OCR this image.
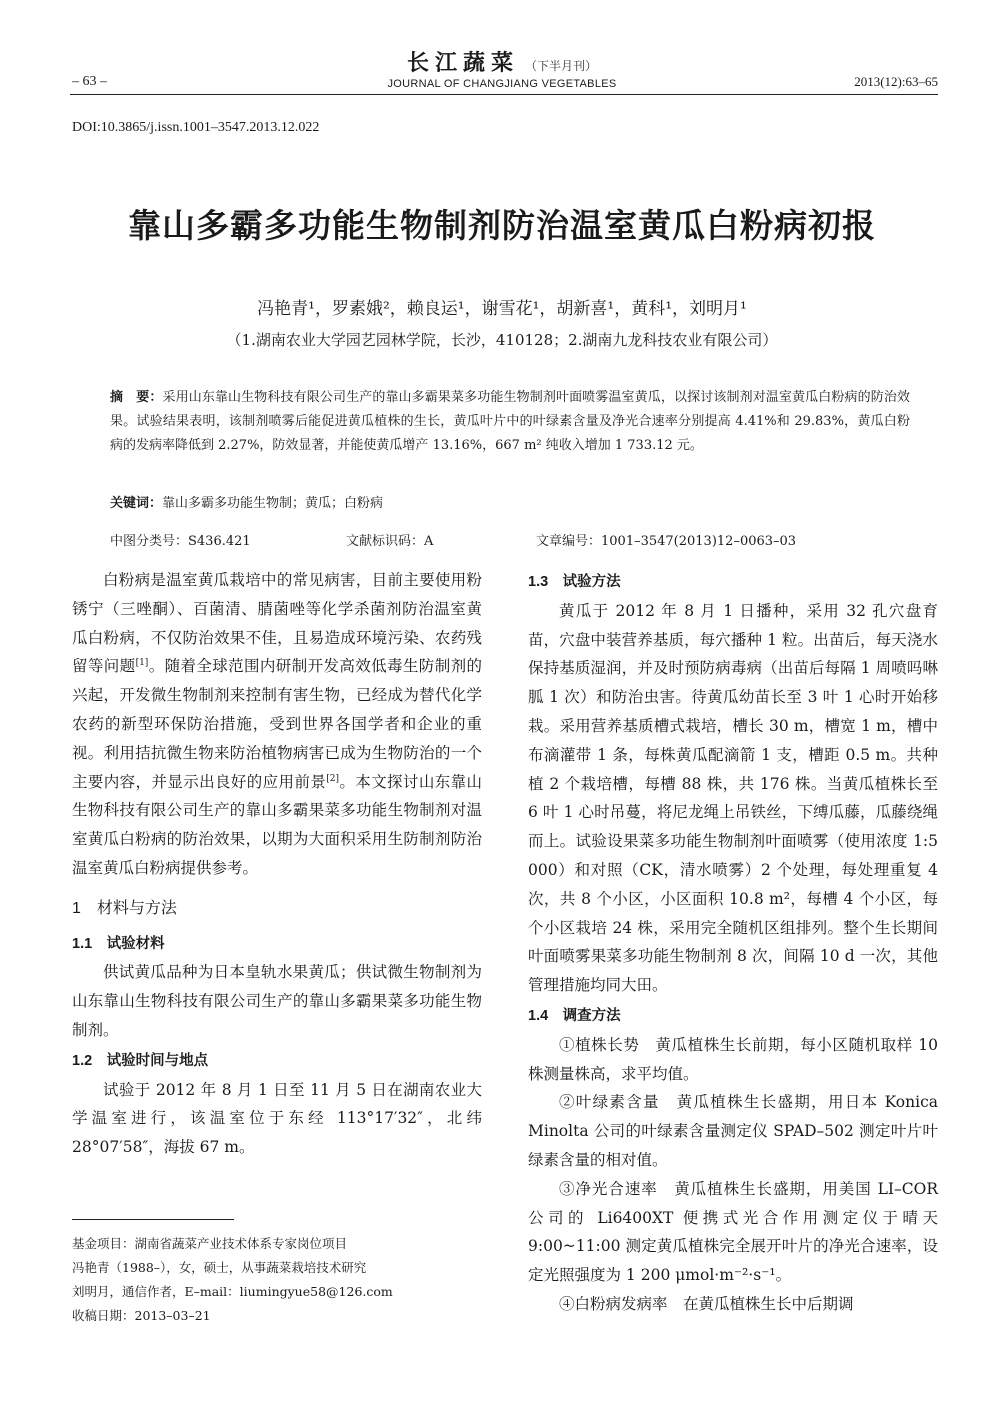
长江蔬菜 （下半月刊）
JOURNAL OF CHANGJIANG VEGETABLES
– 63 –	2013(12):63–65
DOI:10.3865/j.issn.1001–3547.2013.12.022
靠山多霸多功能生物制剂防治温室黄瓜白粉病初报
冯艳青¹，罗素娥²，赖良运¹，谢雪花¹，胡新喜¹，黄科¹，刘明月¹
（1.湖南农业大学园艺园林学院，长沙，410128；2.湖南九龙科技农业有限公司）
摘　要：采用山东靠山生物科技有限公司生产的靠山多霸果菜多功能生物制剂叶面喷雾温室黄瓜，以探讨该制剂对温室黄瓜白粉病的防治效果。试验结果表明，该制剂喷雾后能促进黄瓜植株的生长，黄瓜叶片中的叶绿素含量及净光合速率分别提高 4.41%和 29.83%，黄瓜白粉病的发病率降低到 2.27%，防效显著，并能使黄瓜增产 13.16%，667 m² 纯收入增加 1 733.12 元。
关键词：靠山多霸多功能生物制；黄瓜；白粉病
中图分类号：S436.421	文献标识码：A	文章编号：1001–3547(2013)12–0063–03

白粉病是温室黄瓜栽培中的常见病害，目前主要使用粉锈宁（三唑酮）、百菌清、腈菌唑等化学杀菌剂防治温室黄瓜白粉病，不仅防治效果不佳，且易造成环境污染、农药残留等问题[1]。随着全球范围内研制开发高效低毒生防制剂的兴起，开发微生物制剂来控制有害生物，已经成为替代化学农药的新型环保防治措施，受到世界各国学者和企业的重视。利用拮抗微生物来防治植物病害已成为生物防治的一个主要内容，并显示出良好的应用前景[2]。本文探讨山东靠山生物科技有限公司生产的靠山多霸果菜多功能生物制剂对温室黄瓜白粉病的防治效果，以期为大面积采用生防制剂防治温室黄瓜白粉病提供参考。

1　材料与方法
1.1　试验材料

供试黄瓜品种为日本皇轨水果黄瓜；供试微生物制剂为山东靠山生物科技有限公司生产的靠山多霸果菜多功能生物制剂。

1.2　试验时间与地点

试验于 2012 年 8 月 1 日至 11 月 5 日在湖南农业大学温室进行，该温室位于东经 113°17′32″，北纬 28°07′58″，海拔 67 m。

1.3　试验方法

黄瓜于 2012 年 8 月 1 日播种，采用 32 孔穴盘育苗，穴盘中装营养基质，每穴播种 1 粒。出苗后，每天浇水保持基质湿润，并及时预防病毒病（出苗后每隔 1 周喷吗啉胍 1 次）和防治虫害。待黄瓜幼苗长至 3 叶 1 心时开始移栽。采用营养基质槽式栽培，槽长 30 m，槽宽 1 m，槽中布滴灌带 1 条，每株黄瓜配滴箭 1 支，槽距 0.5 m。共种植 2 个栽培槽，每槽 88 株，共 176 株。当黄瓜植株长至 6 叶 1 心时吊蔓，将尼龙绳上吊铁丝，下缚瓜藤，瓜藤绕绳而上。试验设果菜多功能生物制剂叶面喷雾（使用浓度 1:5 000）和对照（CK，清水喷雾）2 个处理，每处理重复 4 次，共 8 个小区，小区面积 10.8 m²，每槽 4 个小区，每个小区栽培 24 株，采用完全随机区组排列。整个生长期间叶面喷雾果菜多功能生物制剂 8 次，间隔 10 d 一次，其他管理措施均同大田。

1.4　调查方法

①植株长势　黄瓜植株生长前期，每小区随机取样 10 株测量株高，求平均值。

②叶绿素含量　黄瓜植株生长盛期，用日本 Konica Minolta 公司的叶绿素含量测定仪 SPAD–502 测定叶片叶绿素含量的相对值。

③净光合速率　黄瓜植株生长盛期，用美国 LI–COR 公司的 Li6400XT 便携式光合作用测定仪于晴天 9:00~11:00 测定黄瓜植株完全展开叶片的净光合速率，设定光照强度为 1 200 μmol·m⁻²·s⁻¹。

④白粉病发病率　在黄瓜植株生长中后期调

基金项目：湖南省蔬菜产业技术体系专家岗位项目
冯艳青（1988–），女，硕士，从事蔬菜栽培技术研究
刘明月，通信作者，E–mail：liumingyue58@126.com
收稿日期：2013–03–21
